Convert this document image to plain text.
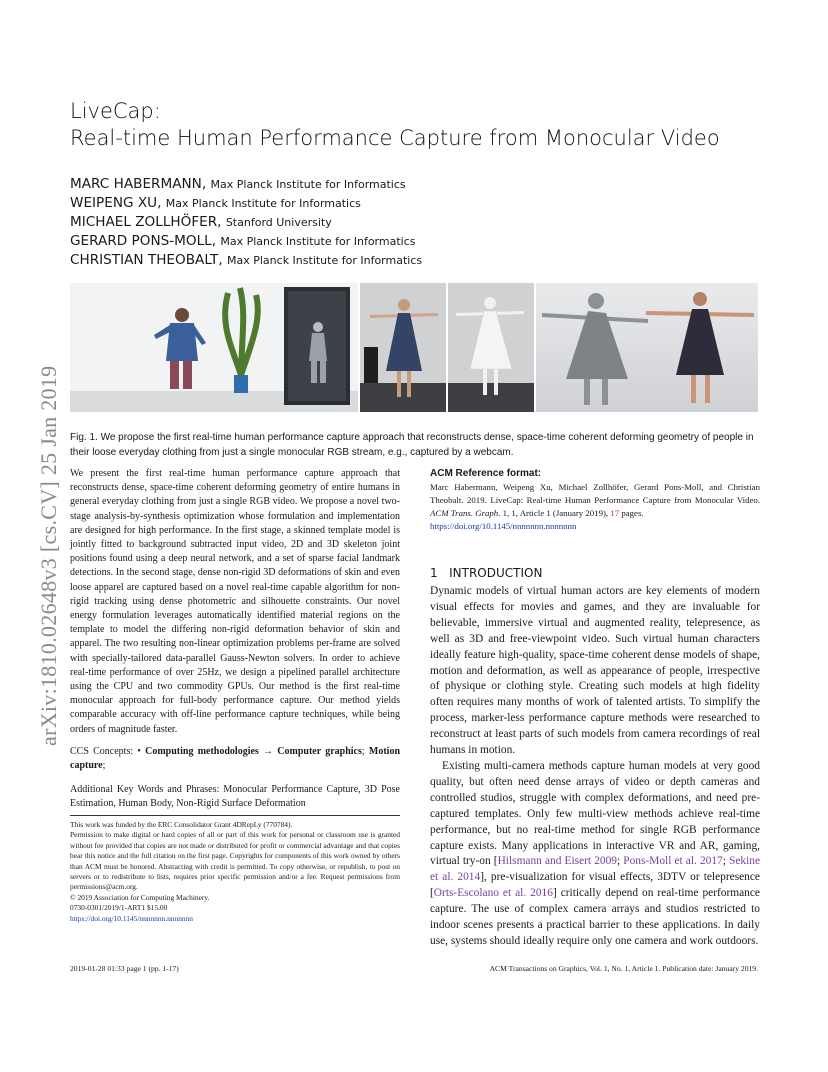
arXiv:1810.02648v3 [cs.CV] 25 Jan 2019
LiveCap:
Real-time Human Performance Capture from Monocular Video
MARC HABERMANN, Max Planck Institute for Informatics
WEIPENG XU, Max Planck Institute for Informatics
MICHAEL ZOLLHÖFER, Stanford University
GERARD PONS-MOLL, Max Planck Institute for Informatics
CHRISTIAN THEOBALT, Max Planck Institute for Informatics
Fig. 1. We propose the first real-time human performance capture approach that reconstructs dense, space-time coherent deforming geometry of people in their loose everyday clothing from just a single monocular RGB stream, e.g., captured by a webcam.

We present the first real-time human performance capture approach that reconstructs dense, space-time coherent deforming geometry of entire humans in general everyday clothing from just a single RGB video. We propose a novel two-stage analysis-by-synthesis optimization whose formulation and implementation are designed for high performance. In the first stage, a skinned template model is jointly fitted to background subtracted input video, 2D and 3D skeleton joint positions found using a deep neural network, and a set of sparse facial landmark detections. In the second stage, dense non-rigid 3D deformations of skin and even loose apparel are captured based on a novel real-time capable algorithm for non-rigid tracking using dense photometric and silhouette constraints. Our novel energy formulation leverages automatically identified material regions on the template to model the differing non-rigid deformation behavior of skin and apparel. The two resulting non-linear optimization problems per-frame are solved with specially-tailored data-parallel Gauss-Newton solvers. In order to achieve real-time performance of over 25Hz, we design a pipelined parallel architecture using the CPU and two commodity GPUs. Our method is the first real-time monocular approach for full-body performance capture. Our method yields comparable accuracy with off-line performance capture techniques, while being orders of magnitude faster.

CCS Concepts: • Computing methodologies → Computer graphics; Motion capture;

Additional Key Words and Phrases: Monocular Performance Capture, 3D Pose Estimation, Human Body, Non-Rigid Surface Deformation

This work was funded by the ERC Consolidator Grant 4DRepLy (770784).
Permission to make digital or hard copies of all or part of this work for personal or classroom use is granted without fee provided that copies are not made or distributed for profit or commercial advantage and that copies bear this notice and the full citation on the first page. Copyrights for components of this work owned by others than ACM must be honored. Abstracting with credit is permitted. To copy otherwise, or republish, to post on servers or to redistribute to lists, requires prior specific permission and/or a fee. Request permissions from permissions@acm.org.
© 2019 Association for Computing Machinery.
0730-0301/2019/1-ART1 $15.00
https://doi.org/10.1145/nnnnnnn.nnnnnnn
ACM Reference format:
Marc Habermann, Weipeng Xu, Michael Zollhöfer, Gerard Pons-Moll, and Christian Theobalt. 2019. LiveCap: Real-time Human Performance Capture from Monocular Video. ACM Trans. Graph. 1, 1, Article 1 (January 2019), 17 pages.
https://doi.org/10.1145/nnnnnnn.nnnnnnn
1 INTRODUCTION

Dynamic models of virtual human actors are key elements of modern visual effects for movies and games, and they are invaluable for believable, immersive virtual and augmented reality, telepresence, as well as 3D and free-viewpoint video. Such virtual human characters ideally feature high-quality, space-time coherent dense models of shape, motion and deformation, as well as appearance of people, irrespective of physique or clothing style. Creating such models at high fidelity often requires many months of work of talented artists. To simplify the process, marker-less performance capture methods were researched to reconstruct at least parts of such models from camera recordings of real humans in motion.

Existing multi-camera methods capture human models at very good quality, but often need dense arrays of video or depth cameras and controlled studios, struggle with complex deformations, and need pre-captured templates. Only few multi-view methods achieve real-time performance, but no real-time method for single RGB performance capture exists. Many applications in interactive VR and AR, gaming, virtual try-on [Hilsmann and Eisert 2009; Pons-Moll et al. 2017; Sekine et al. 2014], pre-visualization for visual effects, 3DTV or telepresence [Orts-Escolano et al. 2016] critically depend on real-time performance capture. The use of complex camera arrays and studios restricted to indoor scenes presents a practical barrier to these applications. In daily use, systems should ideally require only one camera and work outdoors.

2019-01-28 01:33 page 1 (pp. 1-17)	ACM Transactions on Graphics, Vol. 1, No. 1, Article 1. Publication date: January 2019.
